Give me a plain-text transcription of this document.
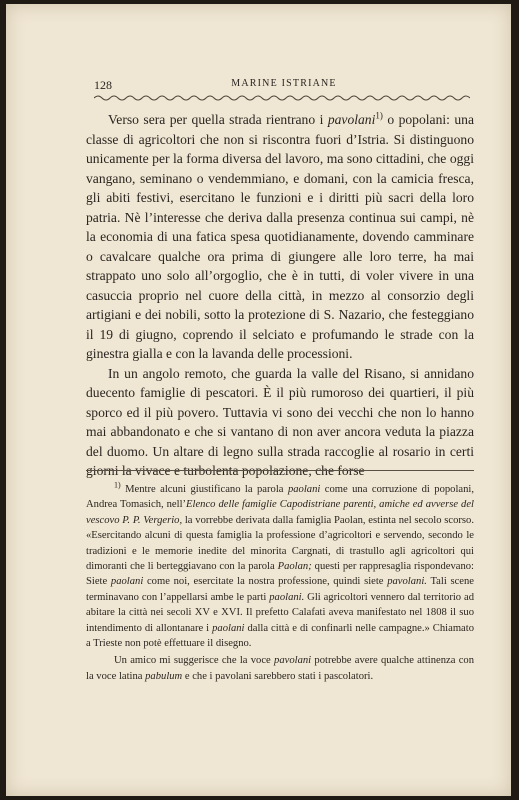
128	MARINE ISTRIANE

Verso sera per quella strada rientrano i pavolani$^{1)}$ o popolani: una classe di agricoltori che non si riscontra fuori d’Istria. Si distinguono unicamente per la forma diversa del lavoro, ma sono cittadini, che oggi vangano, seminano o vendemmiano, e domani, con la camicia fresca, gli abiti festivi, esercitano le funzioni e i diritti più sacri della loro patria. Nè l’interesse che deriva dalla presenza continua sui campi, nè la economia di una fatica spesa quotidianamente, dovendo camminare o cavalcare qualche ora prima di giungere alle loro terre, ha mai strappato uno solo all’orgoglio, che è in tutti, di voler vivere in una casuccia proprio nel cuore della città, in mezzo al consorzio degli artigiani e dei nobili, sotto la protezione di S. Nazario, che festeggiano il 19 di giugno, coprendo il selciato e profumando le strade con la ginestra gialla e con la lavanda delle processioni.

In un angolo remoto, che guarda la valle del Risano, si annidano duecento famiglie di pescatori. È il più rumoroso dei quartieri, il più sporco ed il più povero. Tuttavia vi sono dei vecchi che non lo hanno mai abbandonato e che si vantano di non aver ancora veduta la piazza del duomo. Un altare di legno sulla strada raccoglie al rosario in certi giorni la vivace e turbolenta popolazione, che forse

$^{1)}$ Mentre alcuni giustificano la parola paolani come una corruzione di popolani, Andrea Tomasich, nell’Elenco delle famiglie Capodistriane parenti, amiche ed avverse del vescovo P. P. Vergerio, la vorrebbe derivata dalla famiglia Paolan, estinta nel secolo scorso. «Esercitando alcuni di questa famiglia la professione d’agricoltori e servendo, secondo le tradizioni e le memorie inedite del minorita Cargnati, di trastullo agli agricoltori qui dimoranti che li berteggiavano con la parola Paolan; questi per rappresaglia rispondevano: Siete paolani come noi, esercitate la nostra professione, quindi siete pavolani. Tali scene terminavano con l’appellarsi ambe le parti paolani. Gli agricoltori vennero dal territorio ad abitare la città nei secoli XV e XVI. Il prefetto Calafati aveva manifestato nel 1808 il suo intendimento di allontanare i paolani dalla città e di confinarli nelle campagne.» Chiamato a Trieste non potè effettuare il disegno.

Un amico mi suggerisce che la voce pavolani potrebbe avere qualche attinenza con la voce latina pabulum e che i pavolani sarebbero stati i pascolatori.
